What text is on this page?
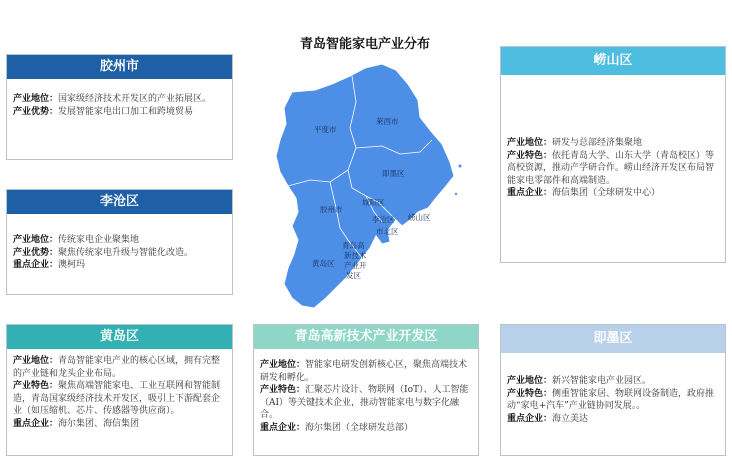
青岛智能家电产业分布
胶州市

产业地位：国家级经济技术开发区的产业拓展区。

产业优势：发展智能家电出口加工和跨境贸易

李沧区

产业地位：传统家电企业聚集地

产业优势：聚焦传统家电升级与智能化改造。

重点企业：澳柯玛

黄岛区

产业地位：青岛智能家电产业的核心区域，拥有完整的产业链和龙头企业布局。

产业特色：聚焦高端智能家电、工业互联网和智能制造，青岛国家级经济技术开发区，吸引上下游配套企业（如压缩机、芯片、传感器等供应商）。

重点企业：海尔集团、海信集团

青岛高新技术产业开发区

产业地位：智能家电研发创新核心区，聚焦高端技术研发和孵化。

产业特色：汇聚芯片设计、物联网（IoT）、人工智能（AI）等关键技术企业，推动智能家电与数字化融合。

重点企业：海尔集团（全球研发总部）

崂山区

产业地位：研发与总部经济集聚地

产业特色：依托青岛大学、山东大学（青岛校区）等高校资源，推动产学研合作。崂山经济开发区布局智能家电零部件和高端制造。

重点企业：海信集团（全球研发中心）

即墨区

产业地位：新兴智能家电产业园区。

产业特色：侧重智能家居、物联网设备制造，政府推动“家电+汽车”产业链协同发展。。

重点企业：海立美达

平度市
莱西市
即墨区
胶州市
城阳区
李沧区 崂山区
市北区
青岛高
新技术
产业开
发区
黄岛区
